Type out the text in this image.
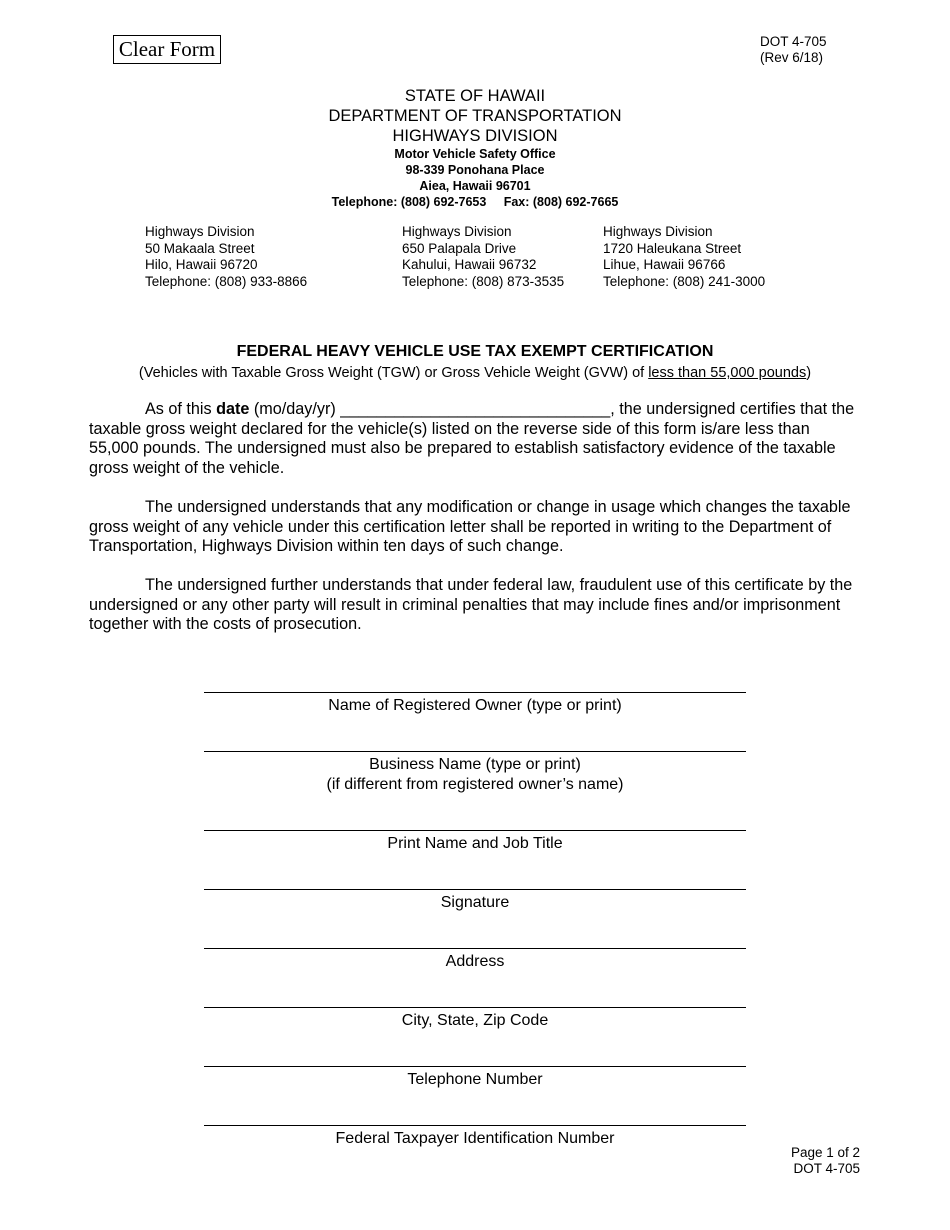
Clear Form	DOT 4-705
(Rev 6/18)
STATE OF HAWAII
DEPARTMENT OF TRANSPORTATION
HIGHWAYS DIVISION
Motor Vehicle Safety Office
98-339 Ponohana Place
Aiea, Hawaii 96701
Telephone: (808) 692-7653     Fax: (808) 692-7665
Highways Division
50 Makaala Street
Hilo, Hawaii 96720
Telephone: (808) 933-8866
Highways Division
650 Palapala Drive
Kahului, Hawaii 96732
Telephone: (808) 873-3535
Highways Division
1720 Haleukana Street
Lihue, Hawaii 96766
Telephone: (808) 241-3000
FEDERAL HEAVY VEHICLE USE TAX EXEMPT CERTIFICATION
(Vehicles with Taxable Gross Weight (TGW) or Gross Vehicle Weight (GVW) of less than 55,000 pounds)

As of this date (mo/day/yr) ______________________________, the undersigned certifies that the taxable gross weight declared for the vehicle(s) listed on the reverse side of this form is/are less than 55,000 pounds. The undersigned must also be prepared to establish satisfactory evidence of the taxable gross weight of the vehicle.

The undersigned understands that any modification or change in usage which changes the taxable gross weight of any vehicle under this certification letter shall be reported in writing to the Department of Transportation, Highways Division within ten days of such change.

The undersigned further understands that under federal law, fraudulent use of this certificate by the undersigned or any other party will result in criminal penalties that may include fines and/or imprisonment together with the costs of prosecution.

Name of Registered Owner (type or print)
Business Name (type or print)
(if different from registered owner’s name)
Print Name and Job Title
Signature
Address
City, State, Zip Code
Telephone Number
Federal Taxpayer Identification Number
Page 1 of 2
DOT 4-705
